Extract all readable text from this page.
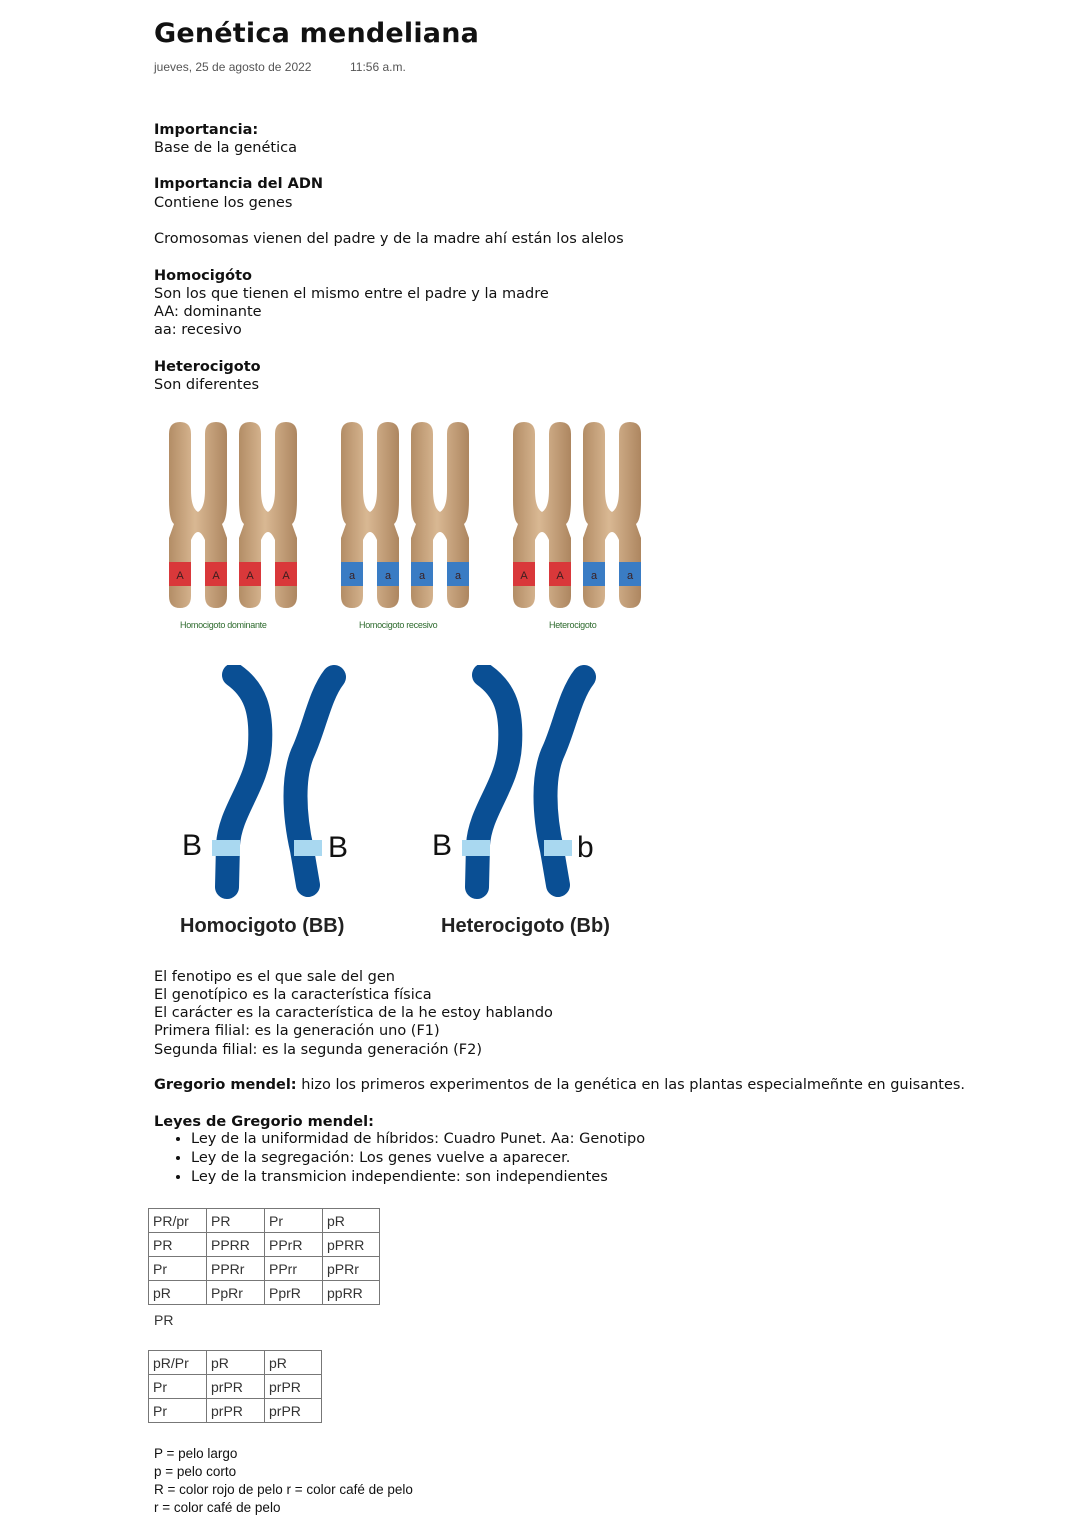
Genética mendeliana
jueves, 25 de agosto de 2022	11:56 a.m.
Importancia:
Base de la genética
Importancia del ADN
Contiene los genes
Cromosomas vienen del padre y de la madre ahí están los alelos
Homocigóto
Son los que tienen el mismo entre el padre y la madre
AA: dominante
aa: recesivo
Heterocigoto
Son diferentes
A	A A	A	a	a	a	a	A	A a	a
Homocigoto dominante	Homocigoto recesivo	Heterocigoto
B	B	B	b
Homocigoto (BB)	Heterocigoto (Bb)
El fenotipo es el que sale del gen
El genotípico es la característica física
El carácter es la característica de la he estoy hablando
Primera filial: es la generación uno (F1)
Segunda filial: es la segunda generación (F2)
Gregorio mendel: hizo los primeros experimentos de la genética en las plantas especialmeñnte en guisantes.
Leyes de Gregorio mendel:
• Ley de la uniformidad de híbridos: Cuadro Punet. Aa: Genotipo
• Ley de la segregación: Los genes vuelve a aparecer.
• Ley de la transmicion independiente: son independientes
PR/pr	PR	Pr	pR
PR	PPRR	PPrR	pPRR
Pr	PPRr	PPrr	pPRr
pR	PpRr	PprR	ppRR
PR
pR/Pr	pR	pR
Pr	prPR	prPR
Pr	prPR	prPR
P = pelo largo
p = pelo corto
R = color rojo de pelo r = color café de pelo
r = color café de pelo
